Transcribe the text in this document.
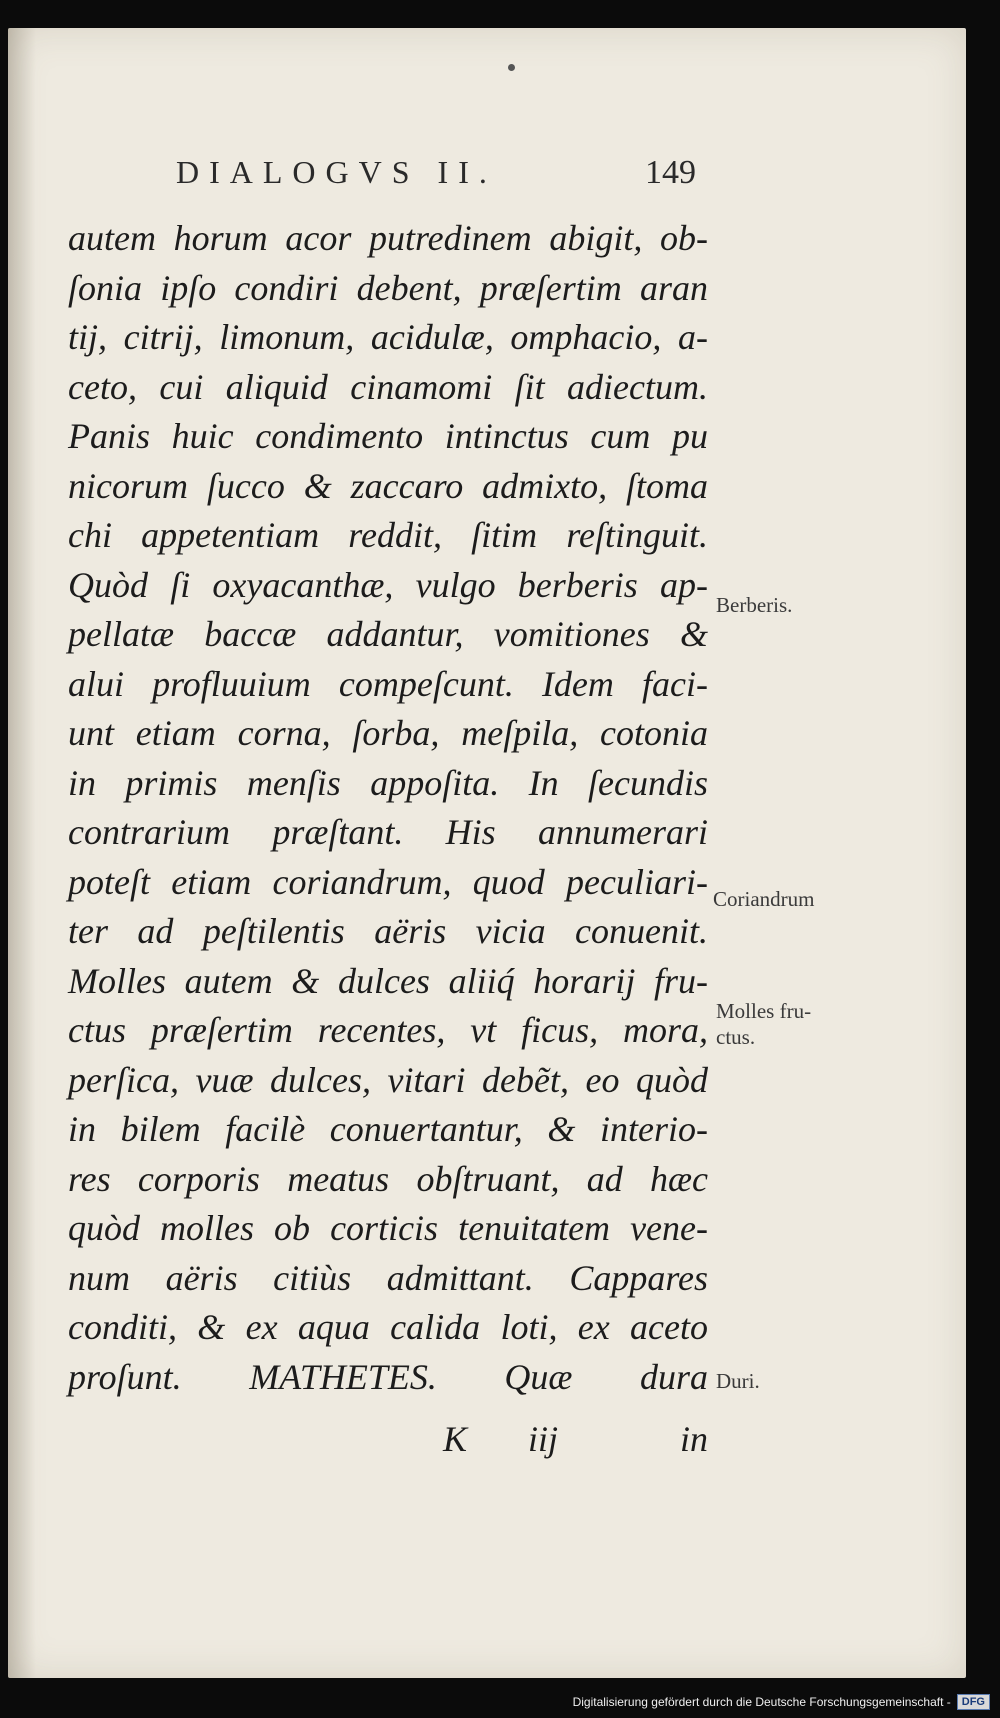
DIALOGVS II.	149
autem horum acor putredinem abigit, ob-
ſonia ipſo condiri debent, præſertim aran
tij, citrij, limonum, acidulæ, omphacio, a-
ceto, cui aliquid cinamomi ſit adiectum.
Panis huic condimento intinctus cum pu
nicorum ſucco & zaccaro admixto, ſtoma
chi appetentiam reddit, ſitim reſtinguit.
Quòd ſi oxyacanthæ, vulgo berberis ap-
pellatæ baccæ addantur, vomitiones &
alui profluuium compeſcunt. Idem faci-
unt etiam corna, ſorba, meſpila, cotonia
in primis menſis appoſita. In ſecundis
contrarium præſtant. His annumerari
poteſt etiam coriandrum, quod peculiari-
ter ad peſtilentis aëris vicia conuenit.
Molles autem & dulces aliiq́ horarij fru-
ctus præſertim recentes, vt ficus, mora,
perſica, vuæ dulces, vitari debẽt, eo quòd
in bilem facilè conuertantur, & interio-
res corporis meatus obſtruant, ad hæc
quòd molles ob corticis tenuitatem vene-
num aëris citiùs admittant. Cappares
conditi, & ex aqua calida loti, ex aceto
proſunt. MATHETES. Quæ dura
K iij	in
Berberis.
Coriandrum
Molles fru-
ctus.
Duri.
Digitalisierung gefördert durch die Deutsche Forschungsgemeinschaft -	DFG
